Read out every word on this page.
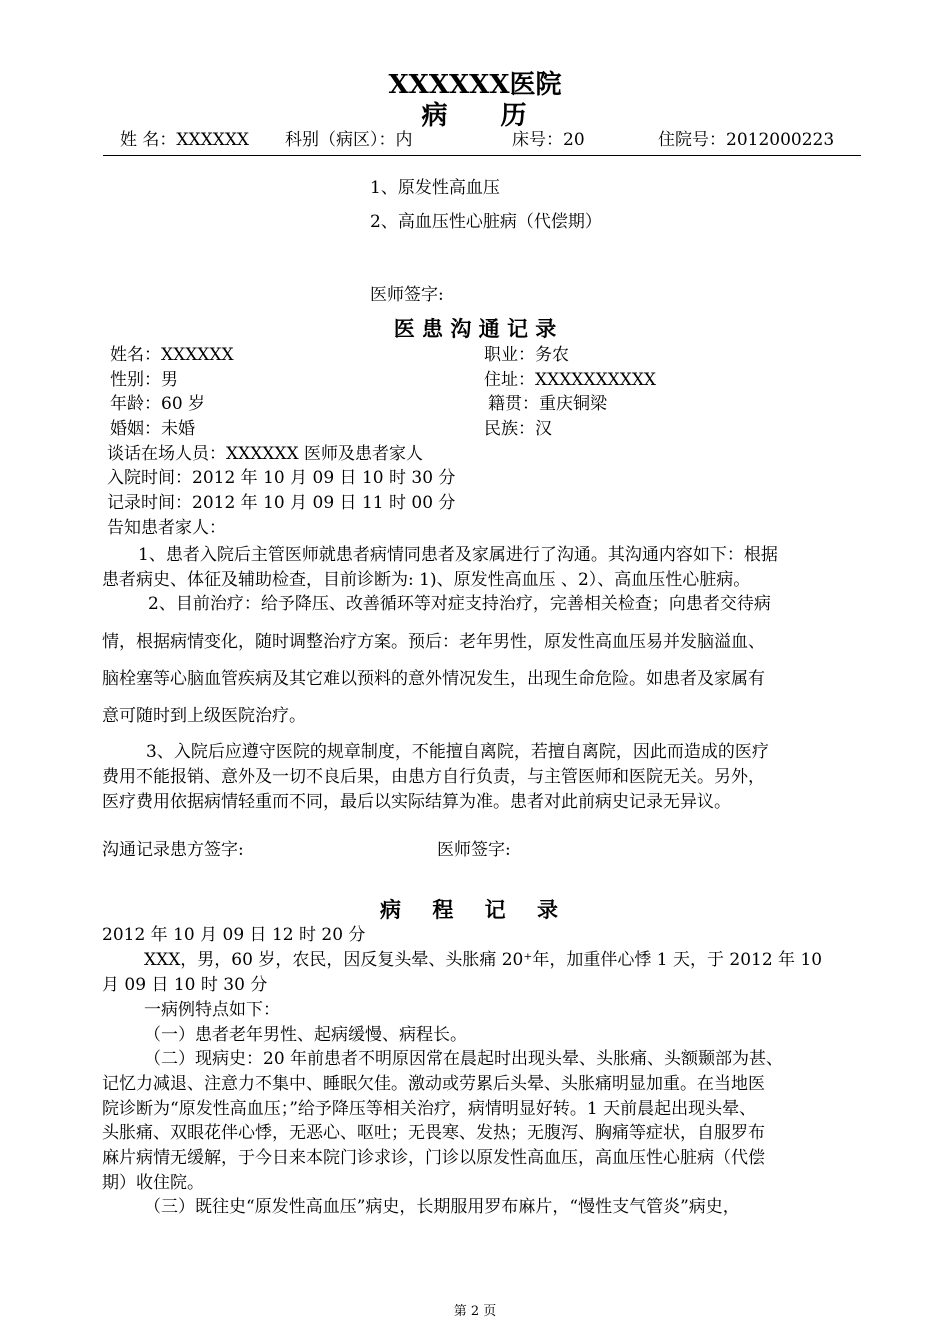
XXXXXX医院
病 历
姓 名：XXXXXX 科别（病区）：内	床号：20	住院号：2012000223
1、原发性高血压
2、高血压性心脏病（代偿期）
医师签字:
医 患 沟 通 记 录
姓名：XXXXXX	职业：务农
性别：男	住址：XXXXXXXXXX
年龄：60 岁	籍贯：重庆铜梁
婚姻：未婚	民族：汉
谈话在场人员：XXXXXX 医师及患者家人
入院时间：2012 年 10 月 09 日 10 时 30 分
记录时间：2012 年 10 月 09 日 11 时 00 分
告知患者家人：
1、患者入院后主管医师就患者病情同患者及家属进行了沟通。其沟通内容如下：根据
患者病史、体征及辅助检查，目前诊断为: 1)、原发性高血压 、2）、高血压性心脏病。
2、目前治疗：给予降压、改善循环等对症支持治疗，完善相关检查；向患者交待病
情，根据病情变化，随时调整治疗方案。预后：老年男性，原发性高血压易并发脑溢血、
脑栓塞等心脑血管疾病及其它难以预料的意外情况发生，出现生命危险。如患者及家属有
意可随时到上级医院治疗。
3、入院后应遵守医院的规章制度，不能擅自离院，若擅自离院，因此而造成的医疗
费用不能报销、意外及一切不良后果，由患方自行负责，与主管医师和医院无关。另外，
医疗费用依据病情轻重而不同，最后以实际结算为准。患者对此前病史记录无异议。
沟通记录患方签字:	医师签字:
病 程 记 录
2012 年 10 月 09 日 12 时 20 分
XXX，男，60 岁，农民，因反复头晕、头胀痛 20⁺年，加重伴心悸 1 天，于 2012 年 10
月 09 日 10 时 30 分
一病例特点如下：
（一）患者老年男性、起病缓慢、病程长。
（二）现病史：20 年前患者不明原因常在晨起时出现头晕、头胀痛、头额颞部为甚、
记忆力减退、注意力不集中、睡眠欠佳。激动或劳累后头晕、头胀痛明显加重。在当地医
院诊断为“原发性高血压；”给予降压等相关治疗，病情明显好转。1 天前晨起出现头晕、
头胀痛、双眼花伴心悸，无恶心、呕吐；无畏寒、发热；无腹泻、胸痛等症状，自服罗布
麻片病情无缓解，于今日来本院门诊求诊，门诊以原发性高血压，高血压性心脏病（代偿
期）收住院。
（三）既往史“原发性高血压”病史，长期服用罗布麻片，“慢性支气管炎”病史，
第 2 页
